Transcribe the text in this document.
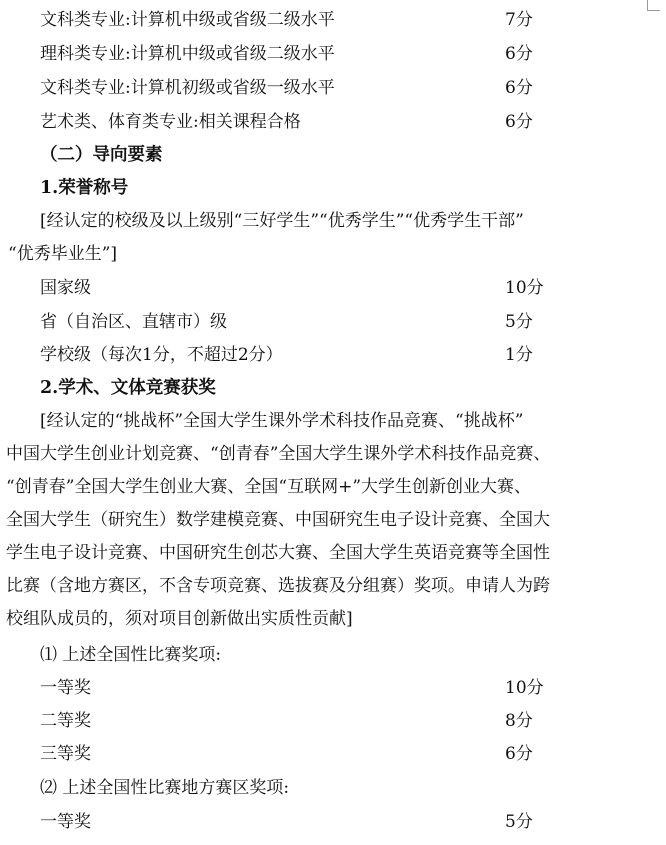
文科类专业:计算机中级或省级二级水平	7分
理科类专业:计算机中级或省级二级水平	6分
文科类专业:计算机初级或省级一级水平	6分
艺术类、体育类专业:相关课程合格	6分
（二）导向要素
1.荣誉称号
[经认定的校级及以上级别“三好学生”“优秀学生”“优秀学生干部”
“优秀毕业生”]
国家级	10分
省（自治区、直辖市）级	5分
学校级（每次1分，不超过2分）	1分
2.学术、文体竞赛获奖
[经认定的“挑战杯”全国大学生课外学术科技作品竞赛、“挑战杯”
中国大学生创业计划竞赛、“创青春”全国大学生课外学术科技作品竞赛、
“创青春”全国大学生创业大赛、全国“互联网+”大学生创新创业大赛、
全国大学生（研究生）数学建模竞赛、中国研究生电子设计竞赛、全国大
学生电子设计竞赛、中国研究生创芯大赛、全国大学生英语竞赛等全国性
比赛（含地方赛区，不含专项竞赛、选拔赛及分组赛）奖项。申请人为跨
校组队成员的，须对项目创新做出实质性贡献]
⑴ 上述全国性比赛奖项:
一等奖	10分
二等奖	8分
三等奖	6分
⑵ 上述全国性比赛地方赛区奖项:
一等奖	5分
